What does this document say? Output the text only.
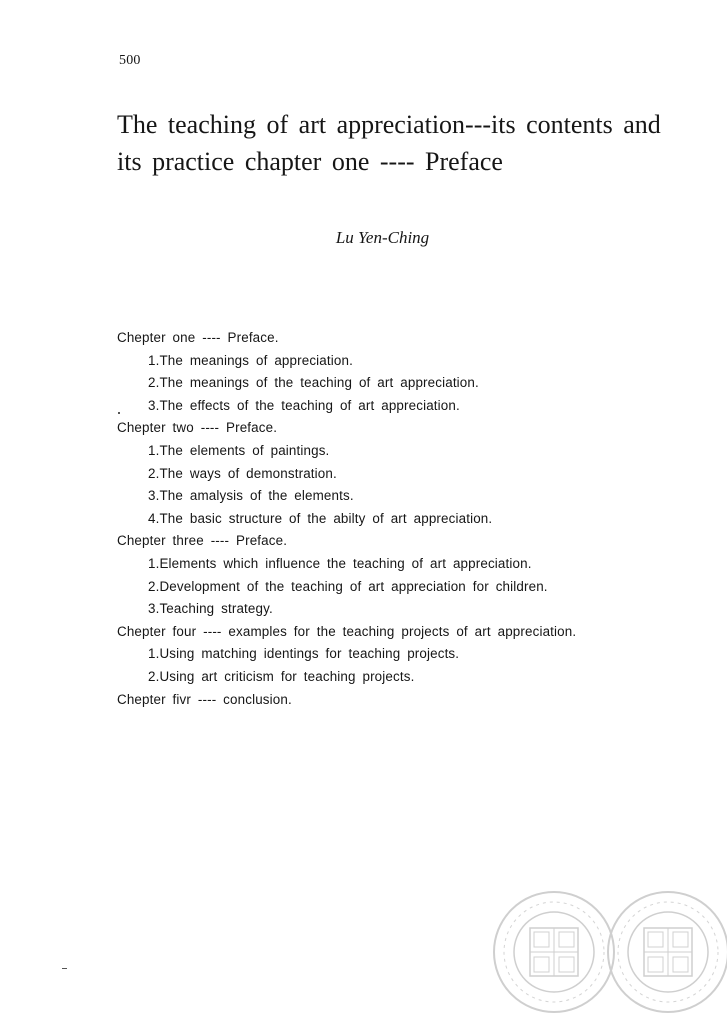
500
The teaching of art appreciation---its contents and
its practice chapter one ---- Preface
Lu Yen-Ching
Chepter one ---- Preface.
1.The meanings of appreciation.
2.The meanings of the teaching of art appreciation.
3.The effects of the teaching of art appreciation.
Chepter two ---- Preface.
1.The elements of paintings.
2.The ways of demonstration.
3.The amalysis of the elements.
4.The basic structure of the abilty of art appreciation.
Chepter three ---- Preface.
1.Elements which influence the teaching of art appreciation.
2.Development of the teaching of art appreciation for children.
3.Teaching strategy.
Chepter four ---- examples for the teaching projects of art appreciation.
1.Using matching identings for teaching projects.
2.Using art criticism for teaching projects.
Chepter fivr ---- conclusion.
